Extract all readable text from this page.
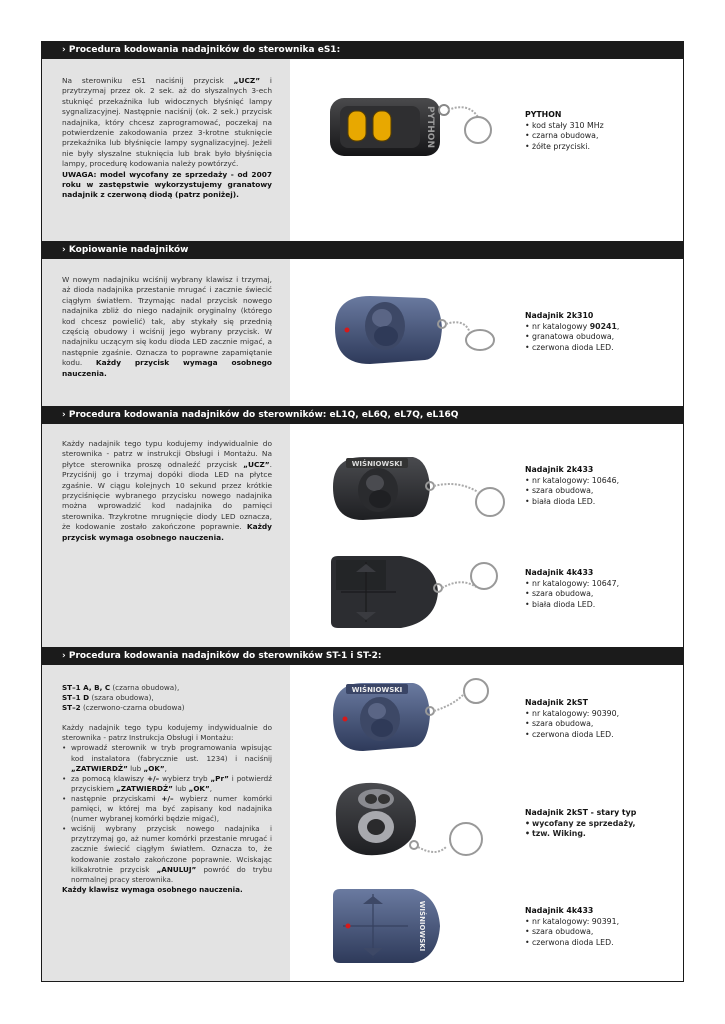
› Procedura kodowania nadajników do sterownika eS1:
› Kopiowanie nadajników
› Procedura kodowania nadajników do sterowników: eL1Q, eL6Q, eL7Q, eL16Q
› Procedura kodowania nadajników do sterowników ST-1 i ST-2:

Na sterowniku eS1 naciśnij przycisk „UCZ” i przytrzymaj przez ok. 2 sek. aż do słyszalnych 3-ech stuknięć przekaźnika lub widocznych błyśnięć lampy sygnalizacyjnej. Następnie naciśnij (ok. 2 sek.) przycisk nadajnika, który chcesz zaprogramować, poczekaj na potwierdzenie zakodowania przez 3-krotne stuknięcie przekaźnika lub błyśnięcie lampy sygnalizacyjnej. Jeżeli nie były słyszalne stuknięcia lub brak było błyśnięcia lampy, procedurę kodowania należy powtórzyć.

UWAGA: model wycofany ze sprzedaży - od 2007 roku w zastępstwie wykorzystujemy granatowy nadajnik z czerwoną diodą (patrz poniżej).

W nowym nadajniku wciśnij wybrany klawisz i trzymaj, aż dioda nadajnika przestanie mrugać i zacznie świecić ciągłym światłem. Trzymając nadal przycisk nowego nadajnika zbliż do niego nadajnik oryginalny (którego kod chcesz powielić) tak, aby stykały się przednią częścią obudowy i wciśnij jego wybrany przycisk. W nadajniku uczącym się kodu dioda LED zacznie migać, a następnie zgaśnie. Oznacza to poprawne zapamiętanie kodu. Każdy przycisk wymaga osobnego nauczenia.

Każdy nadajnik tego typu kodujemy indywidualnie do sterownika - patrz w instrukcji Obsługi i Montażu. Na płytce sterownika proszę odnaleźć przycisk „UCZ”. Przyciśnij go i trzymaj dopóki dioda LED na płytce zgaśnie. W ciągu kolejnych 10 sekund przez krótkie przyciśnięcie wybranego przycisku nowego nadajnika można wprowadzić kod nadajnika do pamięci sterownika. Trzykrotne mrugnięcie diody LED oznacza, że kodowanie zostało zakończone poprawnie. Każdy przycisk wymaga osobnego nauczenia.

ST–1 A, B, C (czarna obudowa),

ST–1 D (szara obudowa),

ST–2 (czerwono-czarna obudowa)

Każdy nadajnik tego typu kodujemy indywidualnie do sterownika - patrz Instrukcja Obsługi i Montażu:

• wprowadź sterownik w tryb programowania wpisując kod instalatora (fabrycznie ust. 1234) i naciśnij „ZATWIERDŹ” lub „OK”,
• za pomocą klawiszy +/– wybierz tryb „Pr” i potwierdź przyciskiem „ZATWIERDŹ” lub „OK”,
• następnie przyciskami +/– wybierz numer komórki pamięci, w której ma być zapisany kod nadajnika (numer wybranej komórki będzie migać),
• wciśnij wybrany przycisk nowego nadajnika i przytrzymaj go, aż numer komórki przestanie mrugać i zacznie świecić ciągłym światłem. Oznacza to, że kodowanie zostało zakończone poprawnie. Wciskając kilkakrotnie przycisk „ANULUJ” powróć do trybu normalnej pracy sterownika.

Każdy klawisz wymaga osobnego nauczenia.

PYTHON
• kod stały 310 MHz
• czarna obudowa,
• żółte przyciski.
Nadajnik 2k310
• nr katalogowy 90241,
• granatowa obudowa,
• czerwona dioda LED.
Nadajnik 2k433
• nr katalogowy: 10646,
• szara obudowa,
• biała dioda LED.
Nadajnik 4k433
• nr katalogowy: 10647,
• szara obudowa,
• biała dioda LED.
Nadajnik 2kST
• nr katalogowy: 90390,
• szara obudowa,
• czerwona dioda LED.
Nadajnik 2kST - stary typ
• wycofany ze sprzedaży,
• tzw. Wiking.
Nadajnik 4k433
• nr katalogowy: 90391,
• szara obudowa,
• czerwona dioda LED.
PYTHON
WIŚNIOWSKI
WIŚNIOWSKI
WIŚNIOWSKI
